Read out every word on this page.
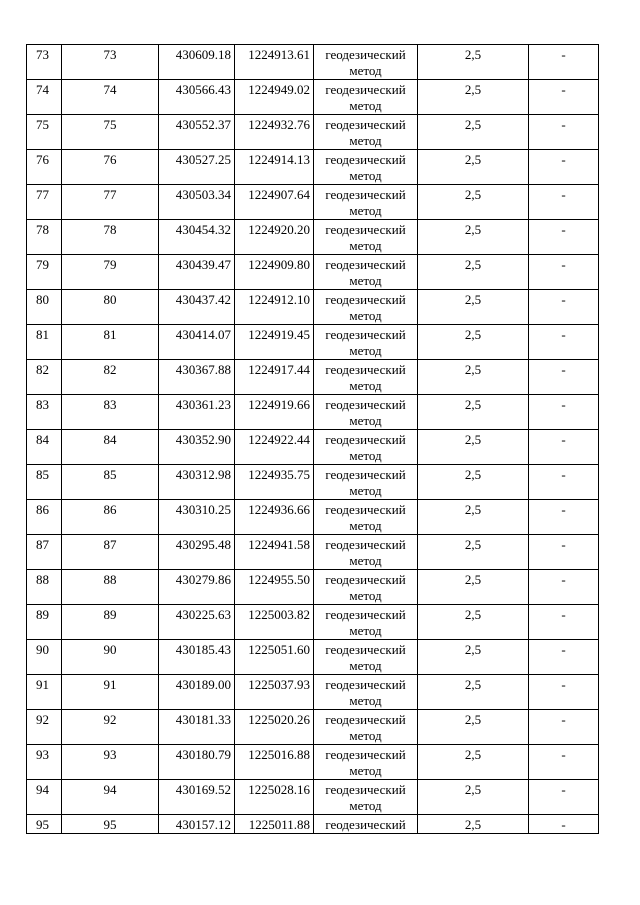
73	73	430609.18	1224913.61	геодезический
метод	2,5	-

74	74	430566.43	1224949.02	геодезический
метод	2,5	-

75	75	430552.37	1224932.76	геодезический
метод	2,5	-

76	76	430527.25	1224914.13	геодезический
метод	2,5	-

77	77	430503.34	1224907.64	геодезический
метод	2,5	-

78	78	430454.32	1224920.20	геодезический
метод	2,5	-

79	79	430439.47	1224909.80	геодезический
метод	2,5	-

80	80	430437.42	1224912.10	геодезический
метод	2,5	-

81	81	430414.07	1224919.45	геодезический
метод	2,5	-

82	82	430367.88	1224917.44	геодезический
метод	2,5	-

83	83	430361.23	1224919.66	геодезический
метод	2,5	-

84	84	430352.90	1224922.44	геодезический
метод	2,5	-

85	85	430312.98	1224935.75	геодезический
метод	2,5	-

86	86	430310.25	1224936.66	геодезический
метод	2,5	-

87	87	430295.48	1224941.58	геодезический
метод	2,5	-

88	88	430279.86	1224955.50	геодезический
метод	2,5	-

89	89	430225.63	1225003.82	геодезический
метод	2,5	-

90	90	430185.43	1225051.60	геодезический
метод	2,5	-

91	91	430189.00	1225037.93	геодезический
метод	2,5	-

92	92	430181.33	1225020.26	геодезический
метод	2,5	-

93	93	430180.79	1225016.88	геодезический
метод	2,5	-

94	94	430169.52	1225028.16	геодезический
метод	2,5	-

95	95	430157.12	1225011.88	геодезический	2,5	-
